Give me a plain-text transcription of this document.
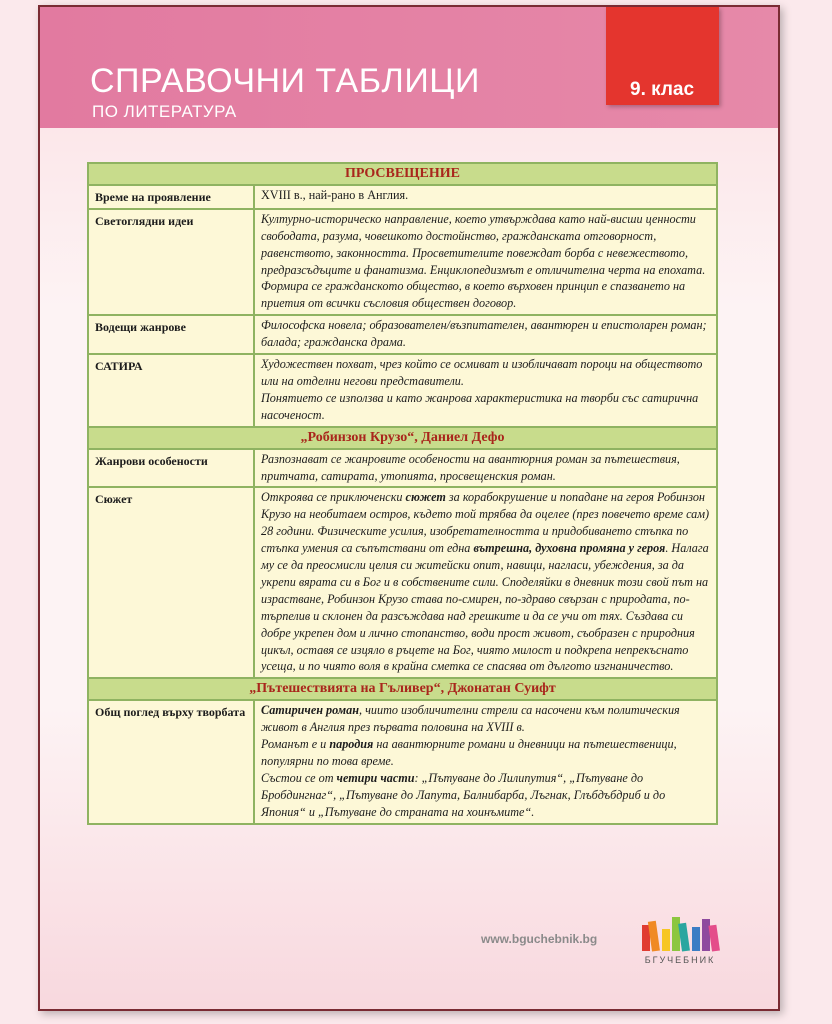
СПРАВОЧНИ ТАБЛИЦИ
ПО ЛИТЕРАТУРА
9. клас
ПРОСВЕЩЕНИЕ	
Време на проявление	XVIII в., най-рано в Англия.
Светоглядни идеи	Културно-историческо направление, което утвърждава като най-висши ценности свободата, разума, човешкото достойнство, гражданската отговорност, равенството, законността. Просветителите повеждат борба с невежеството, предразсъдъците и фанатизма. Енциклопедизмът е отличителна черта на епохата. Формира се гражданското общество, в което върховен принцип е спазването на приетия от всички съсловия обществен договор.
Водещи жанрове	Философска новела; образователен/възпитателен, авантюрен и епистоларен роман; балада; гражданска драма.
САТИРА	Художествен похват, чрез който се осмиват и изобличават пороци на обществото или на отделни негови представители.
Понятието се използва и като жанрова характеристика на творби със сатирична насоченост.
„Робинзон Крузо“, Даниел Дефо	
Жанрови особености	Разпознават се жанровите особености на авантюрния роман за пътешествия, притчата, сатирата, утопията, просвещенския роман.
Сюжет	Откроява се приключенски сюжет за корабокрушение и попадане на героя Робинзон Крузо на необитаем остров, където той трябва да оцелее (през повечето време сам) 28 години. Физическите усилия, изобретателността и придобиването стъпка по стъпка умения са съпътствани от една вътрешна, духовна промяна у героя. Налага му се да преосмисли целия си житейски опит, навици, нагласи, убеждения, за да укрепи вярата си в Бог и в собствените сили. Споделяйки в дневник този свой път на израстване, Робинзон Крузо става по-смирен, по-здраво свързан с природата, по-търпелив и склонен да разсъждава над грешките и да се учи от тях. Създава си добре укрепен дом и лично стопанство, води прост живот, съобразен с природния цикъл, оставя се изцяло в ръцете на Бог, чиято милост и подкрепа непрекъснато усеща, и по чиято воля в крайна сметка се спасява от дългото изгнаничество.
„Пътешествията на Гъливер“, Джонатан Суифт	
Общ поглед върху творбата	Сатиричен роман, чиито изобличителни стрели са насочени към политическия живот в Англия през първата половина на XVIII в.
Романът е и пародия на авантюрните романи и дневници на пътешественици, популярни по това време.
Състои се от четири части: „Пътуване до Лилипутия“, „Пътуване до Бробдингнаг“, „Пътуване до Лапута, Балнибарба, Лъгнак, Глъбдъбдриб и до Япония“ и „Пътуване до страната на хоинъмите“.
www.bguchebnik.bg
БГУЧЕБНИК
